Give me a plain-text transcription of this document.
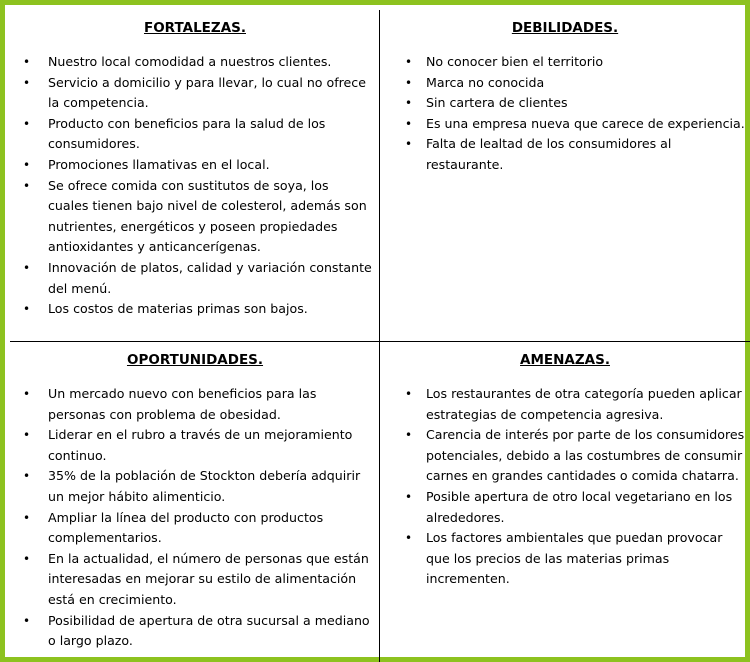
FORTALEZAS.
• Nuestro local comodidad a nuestros clientes.
• Servicio a domicilio y para llevar, lo cual no ofrece la competencia.
• Producto con beneficios para la salud de los consumidores.
• Promociones llamativas en el local.
• Se ofrece comida con sustitutos de soya, los cuales tienen bajo nivel de colesterol, además son nutrientes, energéticos y poseen propiedades antioxidantes y anticancerígenas.
• Innovación de platos, calidad y variación constante del menú.
• Los costos de materias primas son bajos.
DEBILIDADES.
• No conocer bien el territorio
• Marca no conocida
• Sin cartera de clientes
• Es una empresa nueva que carece de experiencia.
• Falta de lealtad de los consumidores al restaurante.
OPORTUNIDADES.
• Un mercado nuevo con beneficios para las personas con problema de obesidad.
• Liderar en el rubro a través de un mejoramiento continuo.
• 35% de la población de Stockton debería adquirir un mejor hábito alimenticio.
• Ampliar la línea del producto con productos complementarios.
• En la actualidad, el número de personas que están interesadas en mejorar su estilo de alimentación está en crecimiento.
• Posibilidad de apertura de otra sucursal a mediano o largo plazo.
AMENAZAS.
• Los restaurantes de otra categoría pueden aplicar estrategias de competencia agresiva.
• Carencia de interés por parte de los consumidores potenciales, debido a las costumbres de consumir carnes en grandes cantidades o comida chatarra.
• Posible apertura de otro local vegetariano en los alrededores.
• Los factores ambientales que puedan provocar que los precios de las materias primas incrementen.
